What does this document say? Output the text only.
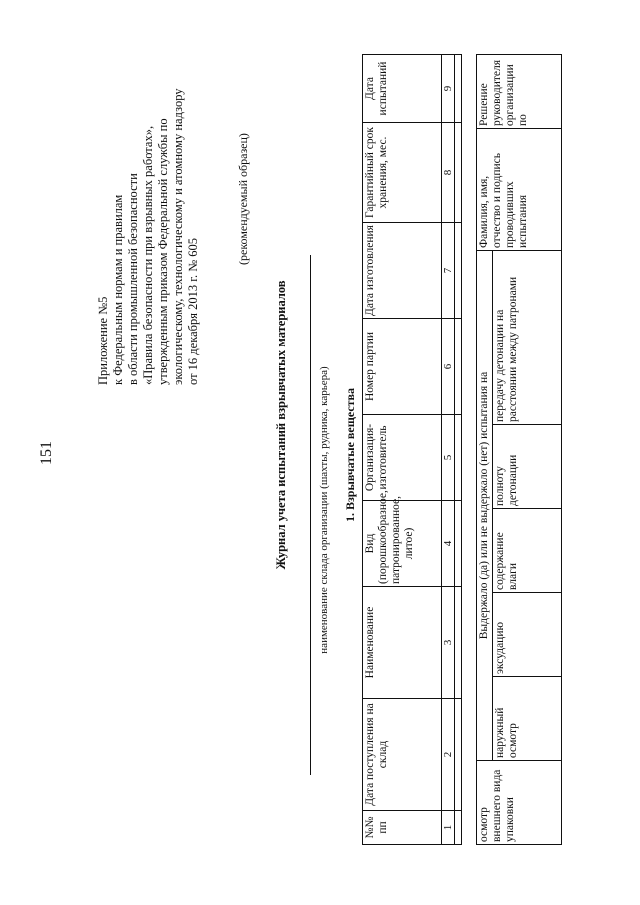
151
Приложение №5 к Федеральным нормам и правилам в области промышленной безопасности «Правила безопасности при взрывных работах», утвержденным приказом Федеральной службы по экологическому, технологическому и атомному надзору от 16 декабря 2013 г. № 605
(рекомендуемый образец)
Журнал учета испытаний взрывчатых материалов	наименование склада организации (шахты, рудника, карьера) 1. Взрывчатые вещества
№№ пп	Дата поступления на склад	Наименование	Вид (порошкообразное, патронированное, литое)	Организация-изготовитель	Номер партии	Дата изготовления	Гарантийный срок хранения, мес.	Дата испытаний
1	2	3	4	5	6	7	8	9

осмотр внешнего вида упаковки	Выдержало (да) или не выдержало (нет) испытания на					Фамилия, имя, отчество и подпись проводивших испытания	Решение руководителя организации по
	наружный осмотр	эксудацию	содержание влаги	полноту детонации	передачу детонации на расстоянии между патронами		
